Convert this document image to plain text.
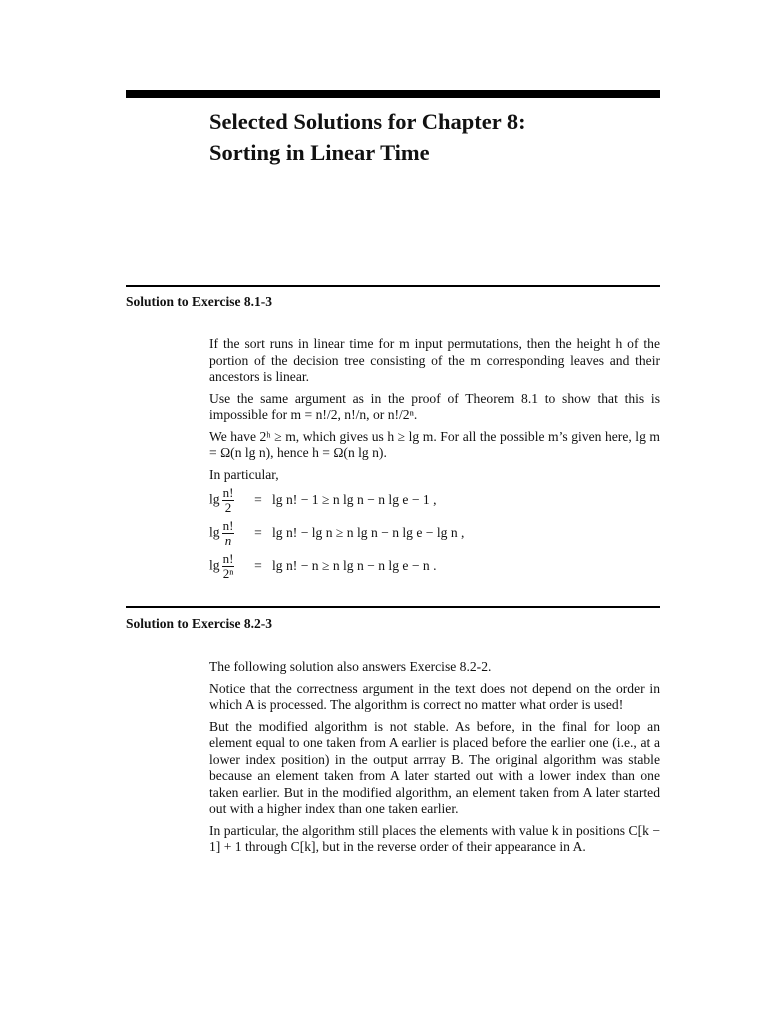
Selected Solutions for Chapter 8:
Sorting in Linear Time
Solution to Exercise 8.1-3

If the sort runs in linear time for m input permutations, then the height h of the portion of the decision tree consisting of the m corresponding leaves and their ancestors is linear.

Use the same argument as in the proof of Theorem 8.1 to show that this is impossible for m = n!/2, n!/n, or n!/2ⁿ.

We have 2ʰ ≥ m, which gives us h ≥ lg m. For all the possible m’s given here, lg m = Ω(n lg n), hence h = Ω(n lg n).

In particular,

$\lg \frac{n!}{2}$	=	lg n! − 1 ≥ n lg n − n lg e − 1 ,
$\lg \frac{n!}{n}$	=	lg n! − lg n ≥ n lg n − n lg e − lg n ,
$\lg \frac{n!}{\text{2ⁿ}}$	=	lg n! − n ≥ n lg n − n lg e − n .
Solution to Exercise 8.2-3

The following solution also answers Exercise 8.2-2.

Notice that the correctness argument in the text does not depend on the order in which A is processed. The algorithm is correct no matter what order is used!

But the modified algorithm is not stable. As before, in the final for loop an element equal to one taken from A earlier is placed before the earlier one (i.e., at a lower index position) in the output arrray B. The original algorithm was stable because an element taken from A later started out with a lower index than one taken earlier. But in the modified algorithm, an element taken from A later started out with a higher index than one taken earlier.

In particular, the algorithm still places the elements with value k in positions C[k − 1] + 1 through C[k], but in the reverse order of their appearance in A.
